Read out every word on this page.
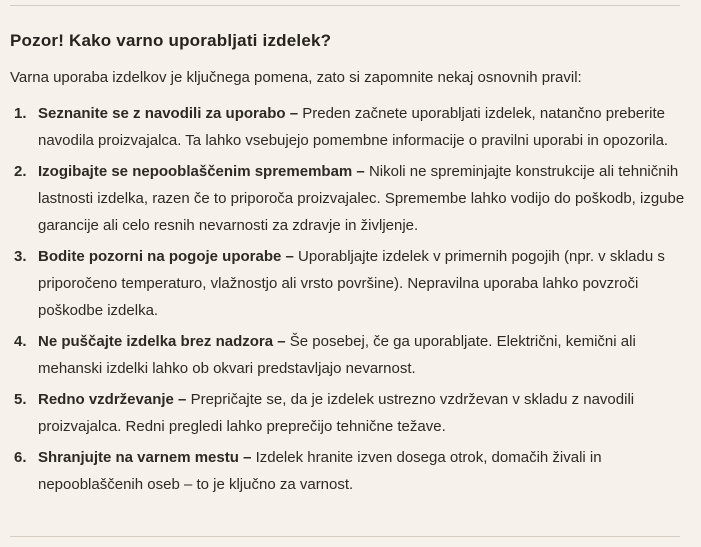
Pozor! Kako varno uporabljati izdelek?

Varna uporaba izdelkov je ključnega pomena, zato si zapomnite nekaj osnovnih pravil:

1. Seznanite se z navodili za uporabo – Preden začnete uporabljati izdelek, natančno preberite navodila proizvajalca. Ta lahko vsebujejo pomembne informacije o pravilni uporabi in opozorila.

2. Izogibajte se nepooblaščenim spremembam – Nikoli ne spreminjajte konstrukcije ali tehničnih lastnosti izdelka, razen če to priporoča proizvajalec. Spremembe lahko vodijo do poškodb, izgube garancije ali celo resnih nevarnosti za zdravje in življenje.

3. Bodite pozorni na pogoje uporabe – Uporabljajte izdelek v primernih pogojih (npr. v skladu s priporočeno temperaturo, vlažnostjo ali vrsto površine). Nepravilna uporaba lahko povzroči poškodbe izdelka.

4. Ne puščajte izdelka brez nadzora – Še posebej, če ga uporabljate. Električni, kemični ali mehanski izdelki lahko ob okvari predstavljajo nevarnost.

5. Redno vzdrževanje – Prepričajte se, da je izdelek ustrezno vzdrževan v skladu z navodili proizvajalca. Redni pregledi lahko preprečijo tehnične težave.

6. Shranjujte na varnem mestu – Izdelek hranite izven dosega otrok, domačih živali in nepooblaščenih oseb – to je ključno za varnost.
